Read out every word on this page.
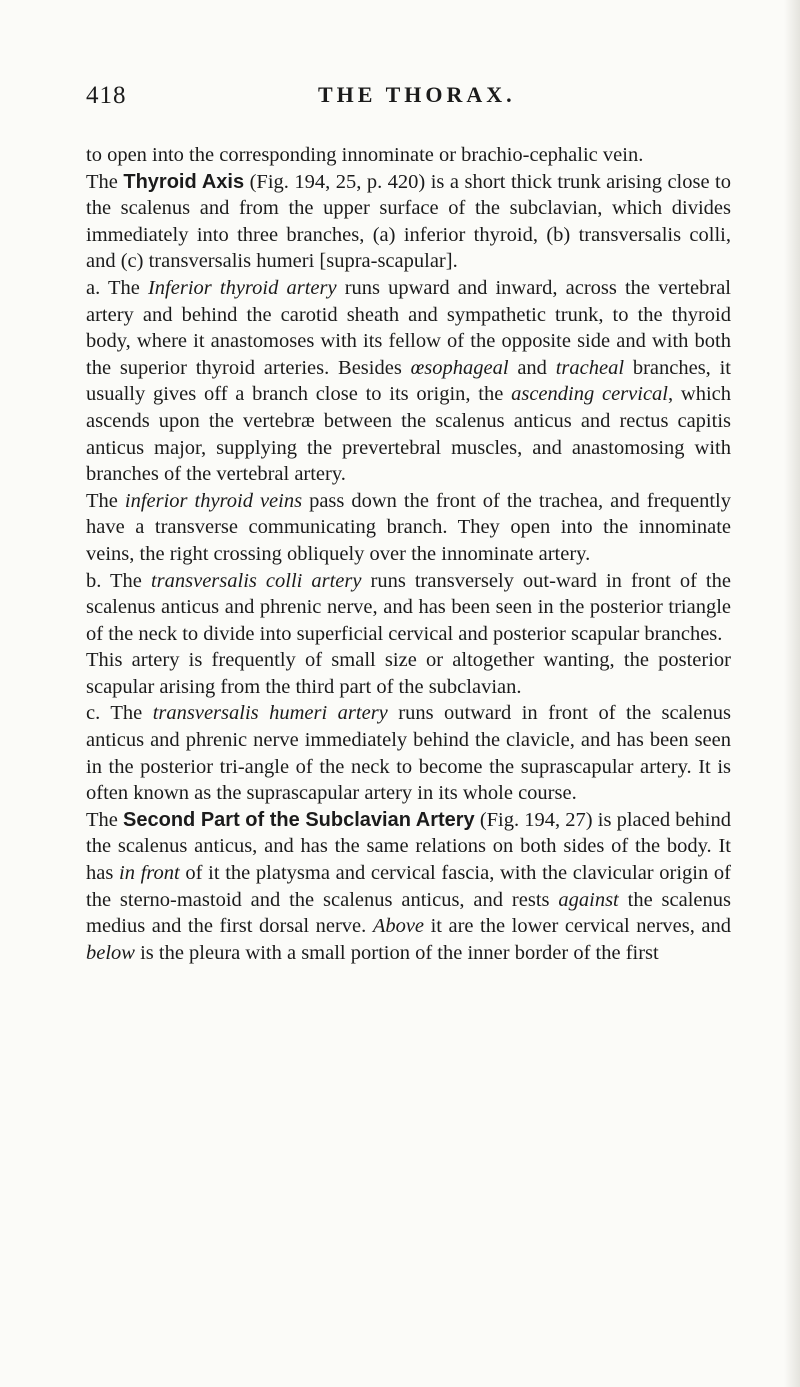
418	THE THORAX.

to open into the corresponding innominate or brachio-cephalic vein.

The Thyroid Axis (Fig. 194, 25, p. 420) is a short thick trunk arising close to the scalenus and from the upper surface of the subclavian, which divides immediately into three branches, (a) inferior thyroid, (b) transversalis colli, and (c) transversalis humeri [supra-scapular].

a. The Inferior thyroid artery runs upward and inward, across the vertebral artery and behind the carotid sheath and sympathetic trunk, to the thyroid body, where it anastomoses with its fellow of the opposite side and with both the superior thyroid arteries. Besides œsophageal and tracheal branches, it usually gives off a branch close to its origin, the ascending cervical, which ascends upon the vertebræ between the scalenus anticus and rectus capitis anticus major, supplying the prevertebral muscles, and anastomosing with branches of the vertebral artery.

The inferior thyroid veins pass down the front of the trachea, and frequently have a transverse communicating branch. They open into the innominate veins, the right crossing obliquely over the innominate artery.

b. The transversalis colli artery runs transversely out-ward in front of the scalenus anticus and phrenic nerve, and has been seen in the posterior triangle of the neck to divide into superficial cervical and posterior scapular branches.

This artery is frequently of small size or altogether wanting, the posterior scapular arising from the third part of the subclavian.

c. The transversalis humeri artery runs outward in front of the scalenus anticus and phrenic nerve immediately behind the clavicle, and has been seen in the posterior tri-angle of the neck to become the suprascapular artery. It is often known as the suprascapular artery in its whole course.

The Second Part of the Subclavian Artery (Fig. 194, 27) is placed behind the scalenus anticus, and has the same relations on both sides of the body. It has in front of it the platysma and cervical fascia, with the clavicular origin of the sterno-mastoid and the scalenus anticus, and rests against the scalenus medius and the first dorsal nerve. Above it are the lower cervical nerves, and below is the pleura with a small portion of the inner border of the first
